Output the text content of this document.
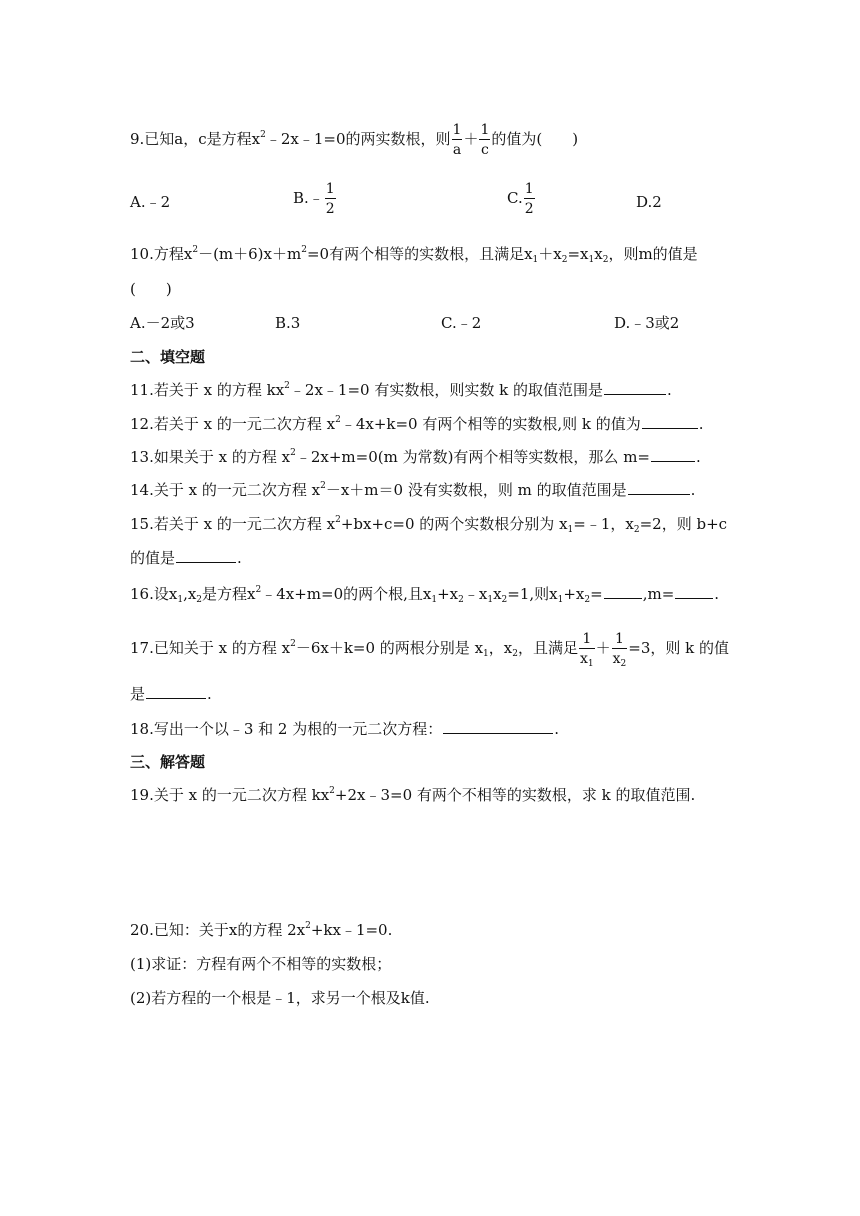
9.已知a，c是方程$x^2﹣2x﹣1=0$的两实数根，则 $\frac{1}{a} + \frac{1}{c}$ 的值为(　　)
A.﹣2	B.﹣ $\frac{1}{2}$	C. $\frac{1}{2}$	D.2
10.方程$x^2-(m+6)x+m^2=0$有两个相等的实数根，且满足$x_1+x_2=x_1x_2$，则m的值是
(　　)
A.－2或3	B.3	C.﹣2	D.﹣3或2
二、填空题
11.若关于 x 的方程 $kx^2﹣2x﹣1=0$ 有实数根，则实数 k 的取值范围是	.
12.若关于 x 的一元二次方程 $x^2﹣4x+k=0$ 有两个相等的实数根,则 k 的值为	.
13.如果关于 x 的方程 $x^2﹣2x+m=0(m$ 为常数)有两个相等实数根，那么 m=	.
14.关于 x 的一元二次方程 $x^2-x+m=0$ 没有实数根，则 m 的取值范围是	.
15.若关于 x 的一元二次方程 $x^2+bx+c=0$ 的两个实数根分别为 $x_1=﹣1$，$x_2=2$，则 b+c
的值是	.
16.设$x_1,x_2$是方程$x^2﹣4x+m=0$的两个根,且$x_1+x_2﹣x_1x_2=1$,则$x_1+x_2=$	,m=	.
17.已知关于 x 的方程 $x^2-6x+k=0$ 的两根分别是 $x_1$，$x_2$，且满足 $\frac{1}{x_1} + \frac{1}{x_2} =3$，则 k 的值
是	.
18.写出一个以﹣3 和 2 为根的一元二次方程：	.
三、解答题
19.关于 x 的一元二次方程 $kx^2+2x﹣3=0$ 有两个不相等的实数根，求 k 的取值范围.
20.已知：关于x的方程 $2x^2+kx﹣1=0$.
(1)求证：方程有两个不相等的实数根；
(2)若方程的一个根是﹣1，求另一个根及k值.
